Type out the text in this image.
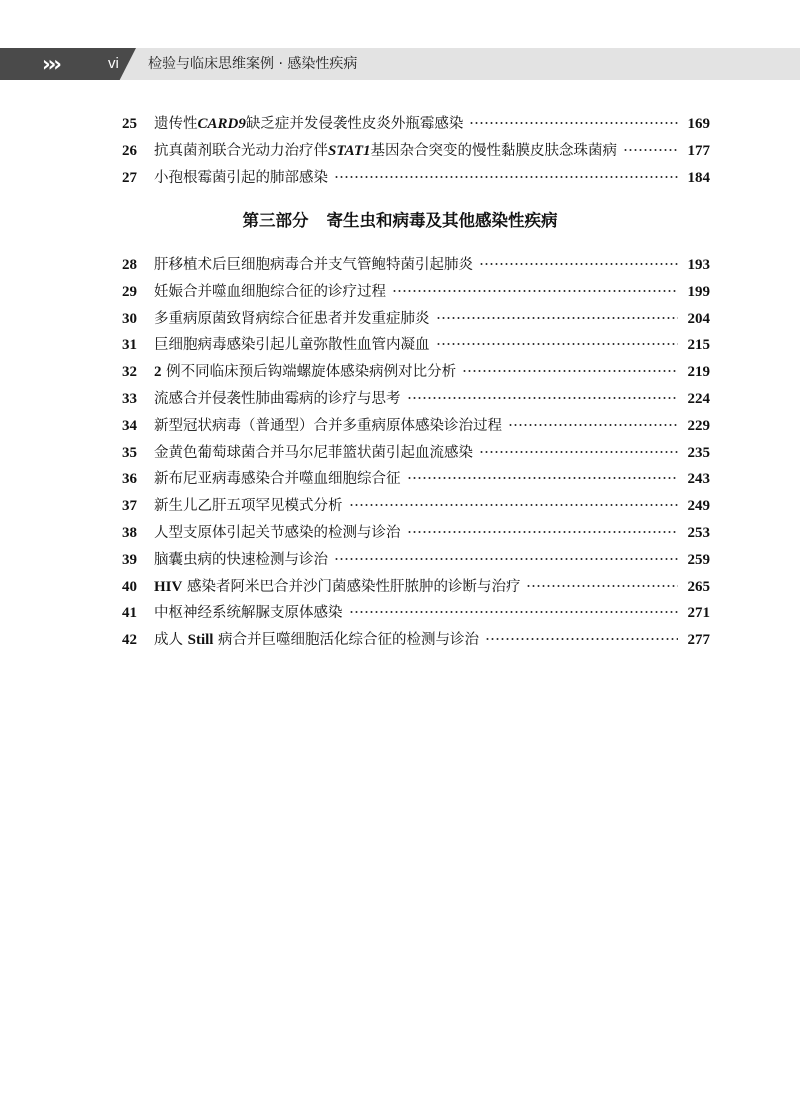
›››	vi 检验与临床思维案例 · 感染性疾病
25	遗传性CARD9缺乏症并发侵袭性皮炎外瓶霉感染	169
26	抗真菌剂联合光动力治疗伴STAT1基因杂合突变的慢性黏膜皮肤念珠菌病	177
27	小孢根霉菌引起的肺部感染	184
第三部分 寄生虫和病毒及其他感染性疾病
28	肝移植术后巨细胞病毒合并支气管鲍特菌引起肺炎	193
29	妊娠合并噬血细胞综合征的诊疗过程	199
30	多重病原菌致肾病综合征患者并发重症肺炎	204
31	巨细胞病毒感染引起儿童弥散性血管内凝血	215
32	2 例不同临床预后钩端螺旋体感染病例对比分析	219
33	流感合并侵袭性肺曲霉病的诊疗与思考	224
34	新型冠状病毒（普通型）合并多重病原体感染诊治过程	229
35	金黄色葡萄球菌合并马尔尼菲篮状菌引起血流感染	235
36	新布尼亚病毒感染合并噬血细胞综合征	243
37	新生儿乙肝五项罕见模式分析	249
38	人型支原体引起关节感染的检测与诊治	253
39	脑囊虫病的快速检测与诊治	259
40	HIV 感染者阿米巴合并沙门菌感染性肝脓肿的诊断与治疗	265
41	中枢神经系统解脲支原体感染	271
42	成人 Still 病合并巨噬细胞活化综合征的检测与诊治	277
